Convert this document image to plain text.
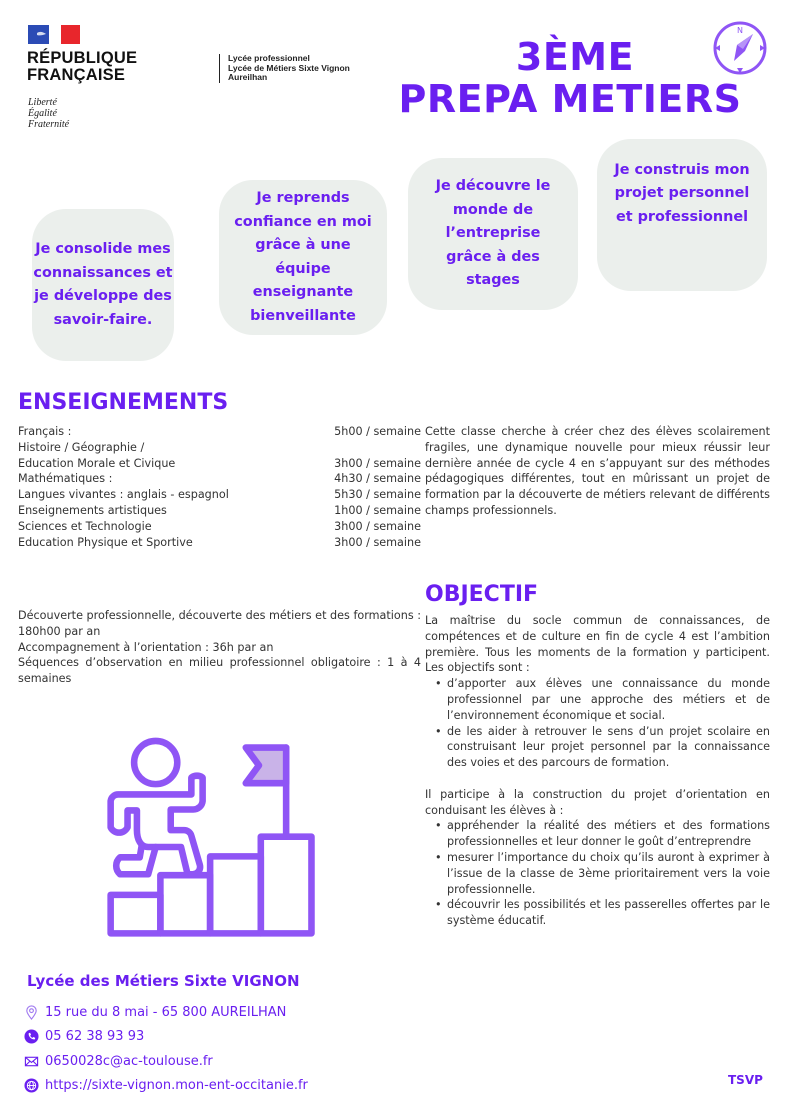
RÉPUBLIQUE
FRANÇAISE
Liberté
Égalité
Fraternité
Lycée professionnel
Lycée de Métiers Sixte Vignon
Aureilhan	3ÈME
PREPA METIERS
N
Je consolide mes
connaissances et
je développe des
savoir-faire.
Je reprends
confiance en moi
grâce à une
équipe
enseignante
bienveillante
Je découvre le
monde de
l’entreprise
grâce à des
stages
Je construis mon
projet personnel
et professionnel
ENSEIGNEMENTS
Français :	5h00 / semaine
Histoire / Géographie /
Education Morale et Civique	3h00 / semaine
Mathématiques :	4h30 / semaine
Langues vivantes : anglais - espagnol	5h30 / semaine
Enseignements artistiques	1h00 / semaine
Sciences et Technologie	3h00 / semaine
Education Physique et Sportive	3h00 / semaine
Découverte professionnelle, découverte des métiers et des formations : 180h00 par an
Accompagnement à l’orientation : 36h par an
Séquences d’observation en milieu professionnel obligatoire : 1 à 4 semaines
Cette classe cherche à créer chez des élèves scolairement fragiles, une dynamique nouvelle pour mieux réussir leur dernière année de cycle 4 en s’appuyant sur des méthodes pédagogiques différentes, tout en mûrissant un projet de formation par la découverte de métiers relevant de différents champs professionnels.
OBJECTIF
La maîtrise du socle commun de connaissances, de compétences et de culture en fin de cycle 4 est l’ambition première. Tous les moments de la formation y participent. Les objectifs sont :
• d’apporter aux élèves une connaissance du monde professionnel par une approche des métiers et de l’environnement économique et social.
• de les aider à retrouver le sens d’un projet scolaire en construisant leur projet personnel par la connaissance des voies et des parcours de formation.
Il participe à la construction du projet d’orientation en conduisant les élèves à :
• appréhender la réalité des métiers et des formations professionnelles et leur donner le goût d’entreprendre
• mesurer l’importance du choix qu’ils auront à exprimer à l’issue de la classe de 3ème prioritairement vers la voie professionnelle.
• découvrir les possibilités et les passerelles offertes par le système éducatif.
Lycée des Métiers Sixte VIGNON
15 rue du 8 mai - 65 800 AUREILHAN
05 62 38 93 93
0650028c@ac-toulouse.fr
https://sixte-vignon.mon-ent-occitanie.fr	TSVP
